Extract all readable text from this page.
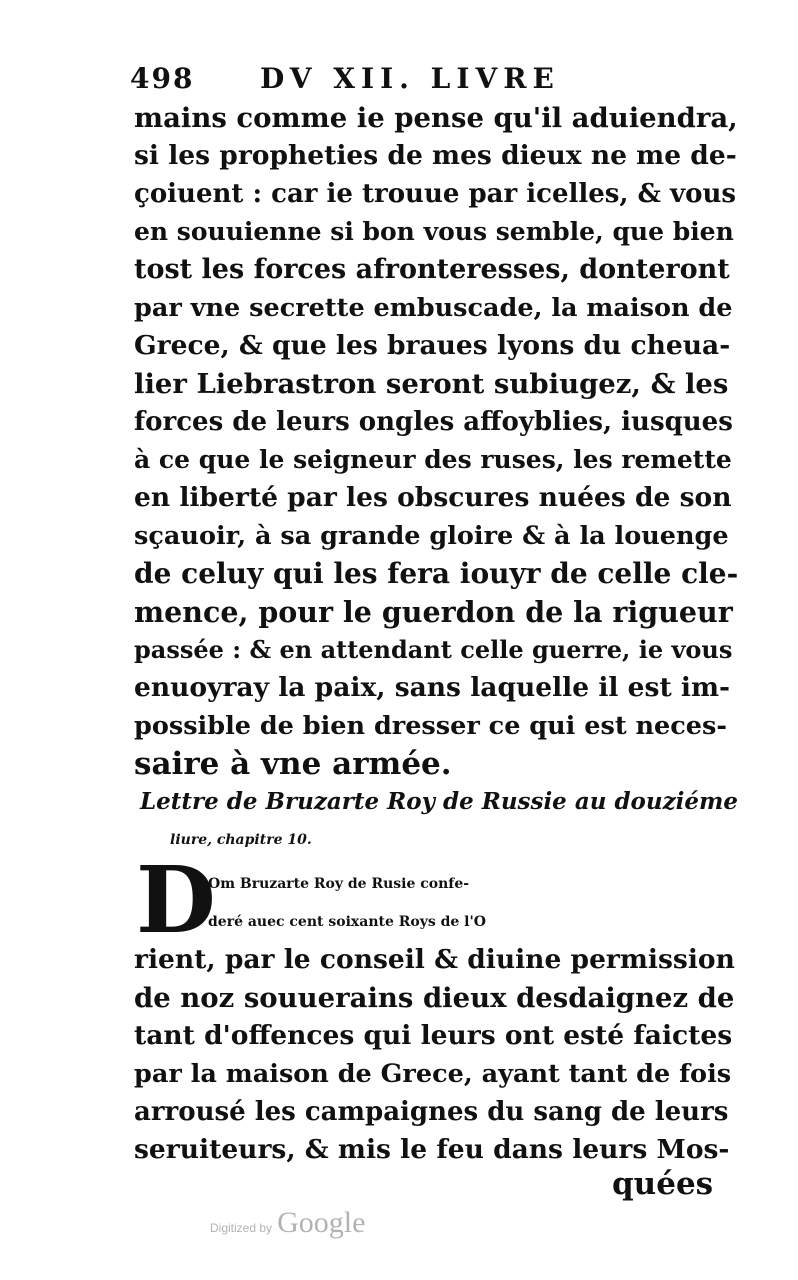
498 DV XII. LIVRE
mains comme ie pense qu'il aduiendra,
si les propheties de mes dieux ne me de-
çoiuent : car ie trouue par icelles, & vous
en souuienne si bon vous semble, que bien
tost les forces afronteresses, donteront
par vne secrette embuscade, la maison de
Grece, & que les braues lyons du cheua-
lier Liebrastron seront subiugez, & les
forces de leurs ongles affoyblies, iusques
à ce que le seigneur des ruses, les remette
en liberté par les obscures nuées de son
sçauoir, à sa grande gloire & à la louenge
de celuy qui les fera iouyr de celle cle-
mence, pour le guerdon de la rigueur
passée : & en attendant celle guerre, ie vous
enuoyray la paix, sans laquelle il est im-
possible de bien dresser ce qui est neces-
saire à vne armée.
Lettre de Bruzarte Roy de Russie au douziéme
liure, chapitre 10.
D
Om Bruzarte Roy de Rusie confe-
deré auec cent soixante Roys de l'O
rient, par le conseil & diuine permission
de noz souuerains dieux desdaignez de
tant d'offences qui leurs ont esté faictes
par la maison de Grece, ayant tant de fois
arrousé les campaignes du sang de leurs
seruiteurs, & mis le feu dans leurs Mos-
quées
Digitized by Google
